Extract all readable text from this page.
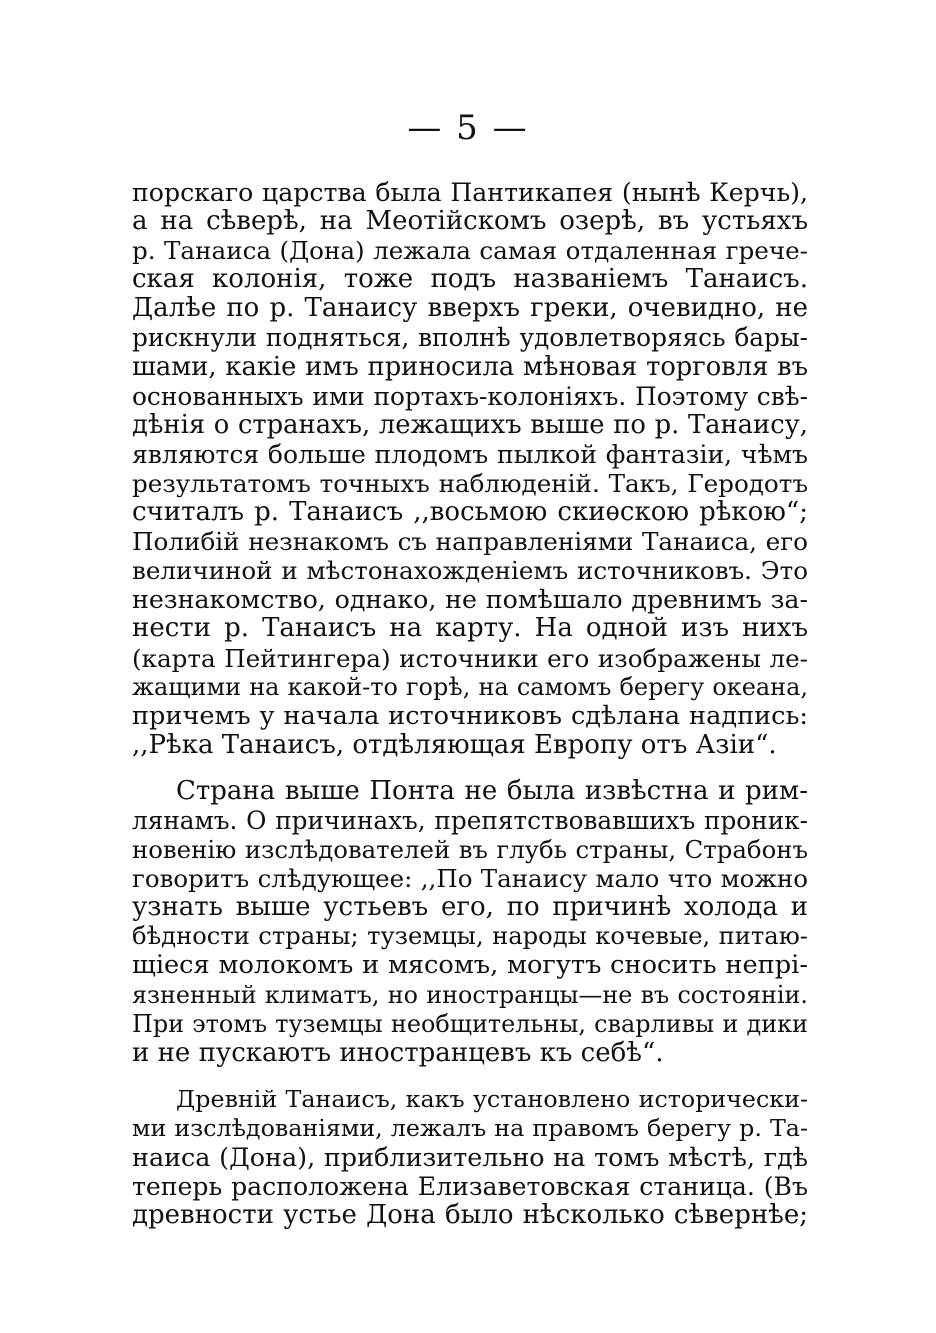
— 5 —
порскаго царства была Пантикапея (нынѣ Керчь),
а на сѣверѣ, на Меотійскомъ озерѣ, въ устьяхъ
р. Танаиса (Дона) лежала самая отдаленная грече-
ская колонія, тоже подъ названіемъ Танаисъ.
Далѣе по р. Танаису вверхъ греки, очевидно, не
рискнули подняться, вполнѣ удовлетворяясь бары-
шами, какіе имъ приносила мѣновая торговля въ
основанныхъ ими портахъ-колоніяхъ. Поэтому свѣ-
дѣнія о странахъ, лежащихъ выше по р. Танаису,
являются больше плодомъ пылкой фантазіи, чѣмъ
результатомъ точныхъ наблюденій. Такъ, Геродотъ
считалъ р. Танаисъ ,,восьмою скиѳскою рѣкою“;
Полибій незнакомъ съ направленіями Танаиса, его
величиной и мѣстонахожденіемъ источниковъ. Это
незнакомство, однако, не помѣшало древнимъ за-
нести р. Танаисъ на карту. На одной изъ нихъ
(карта Пейтингера) источники его изображены ле-
жащими на какой-то горѣ, на самомъ берегу океана,
причемъ у начала источниковъ сдѣлана надпись:
,,Рѣка Танаисъ, отдѣляющая Европу отъ Азіи“.
Страна выше Понта не была извѣстна и рим-
лянамъ. О причинахъ, препятствовавшихъ проник-
новенію изслѣдователей въ глубь страны, Страбонъ
говоритъ слѣдующее: ,,По Танаису мало что можно
узнать выше устьевъ его, по причинѣ холода и
бѣдности страны; туземцы, народы кочевые, питаю-
щіеся молокомъ и мясомъ, могутъ сносить непрі-
язненный климатъ, но иностранцы—не въ состояніи.
При этомъ туземцы необщительны, сварливы и дики
и не пускаютъ иностранцевъ къ себѣ“.
Древній Танаисъ, какъ установлено исторически-
ми изслѣдованіями, лежалъ на правомъ берегу р. Та-
наиса (Дона), приблизительно на томъ мѣстѣ, гдѣ
теперь расположена Елизаветовская станица. (Въ
древности устье Дона было нѣсколько сѣвернѣе;
